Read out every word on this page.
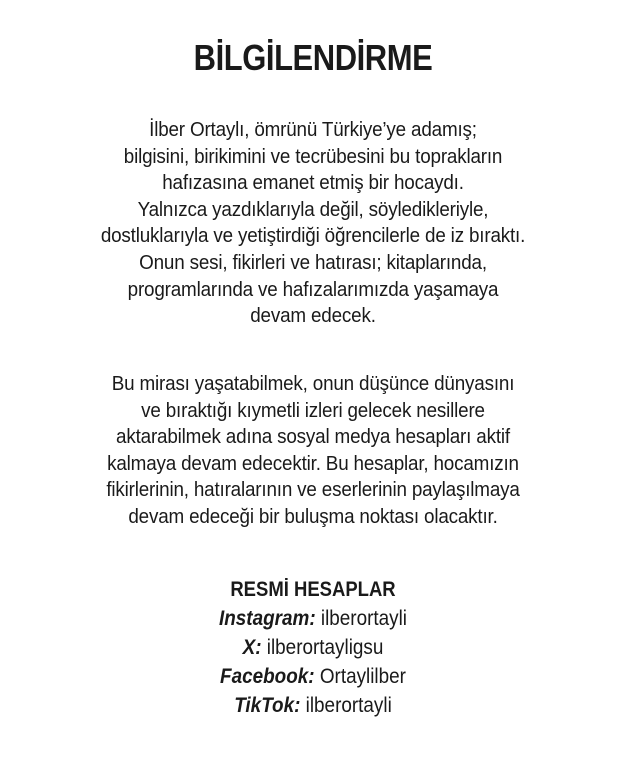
BİLGİLENDİRME
İlber Ortaylı, ömrünü Türkiye’ye adamış;
bilgisini, birikimini ve tecrübesini bu toprakların
hafızasına emanet etmiş bir hocaydı.
Yalnızca yazdıklarıyla değil, söyledikleriyle,
dostluklarıyla ve yetiştirdiği öğrencilerle de iz bıraktı.
Onun sesi, fikirleri ve hatırası; kitaplarında,
programlarında ve hafızalarımızda yaşamaya
devam edecek.
Bu mirası yaşatabilmek, onun düşünce dünyasını
ve bıraktığı kıymetli izleri gelecek nesillere
aktarabilmek adına sosyal medya hesapları aktif
kalmaya devam edecektir. Bu hesaplar, hocamızın
fikirlerinin, hatıralarının ve eserlerinin paylaşılmaya
devam edeceği bir buluşma noktası olacaktır.
RESMİ HESAPLAR
Instagram: ilberortayli
X: ilberortayligsu
Facebook: Ortaylilber
TikTok: ilberortayli
